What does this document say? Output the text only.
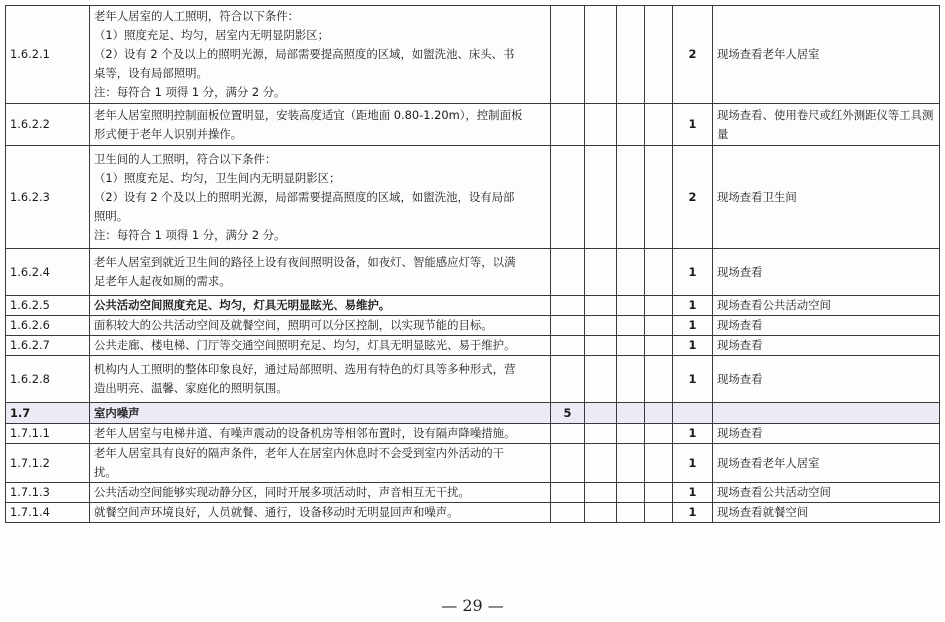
1.6.2.1	老年人居室的人工照明，符合以下条件：
（1）照度充足、均匀，居室内无明显阴影区；
（2）设有 2 个及以上的照明光源，局部需要提高照度的区域，如盥洗池、床头、书
桌等，设有局部照明。
注：每符合 1 项得 1 分，满分 2 分。					2	现场查看老年人居室
1.6.2.2	老年人居室照明控制面板位置明显，安装高度适宜（距地面 0.80-1.20m），控制面板
形式便于老年人识别并操作。					1	现场查看、使用卷尺或红外测距仪等工具测量
1.6.2.3	卫生间的人工照明，符合以下条件：
（1）照度充足、均匀，卫生间内无明显阴影区；
（2）设有 2 个及以上的照明光源，局部需要提高照度的区域，如盥洗池，设有局部
照明。
注：每符合 1 项得 1 分，满分 2 分。					2	现场查看卫生间
1.6.2.4	老年人居室到就近卫生间的路径上设有夜间照明设备，如夜灯、智能感应灯等，以满
足老年人起夜如厕的需求。					1	现场查看
1.6.2.5	公共活动空间照度充足、均匀，灯具无明显眩光、易维护。					1	现场查看公共活动空间
1.6.2.6	面积较大的公共活动空间及就餐空间，照明可以分区控制，以实现节能的目标。					1	现场查看
1.6.2.7	公共走廊、楼电梯、门厅等交通空间照明充足、均匀，灯具无明显眩光、易于维护。					1	现场查看
1.6.2.8	机构内人工照明的整体印象良好，通过局部照明、选用有特色的灯具等多种形式，营
造出明亮、温馨、家庭化的照明氛围。					1	现场查看
1.7	室内噪声	5					
1.7.1.1	老年人居室与电梯井道、有噪声震动的设备机房等相邻布置时，设有隔声降噪措施。					1	现场查看
1.7.1.2	老年人居室具有良好的隔声条件，老年人在居室内休息时不会受到室内外活动的干
扰。					1	现场查看老年人居室
1.7.1.3	公共活动空间能够实现动静分区，同时开展多项活动时，声音相互无干扰。					1	现场查看公共活动空间
1.7.1.4	就餐空间声环境良好，人员就餐、通行，设备移动时无明显回声和噪声。					1	现场查看就餐空间
— 29 —
